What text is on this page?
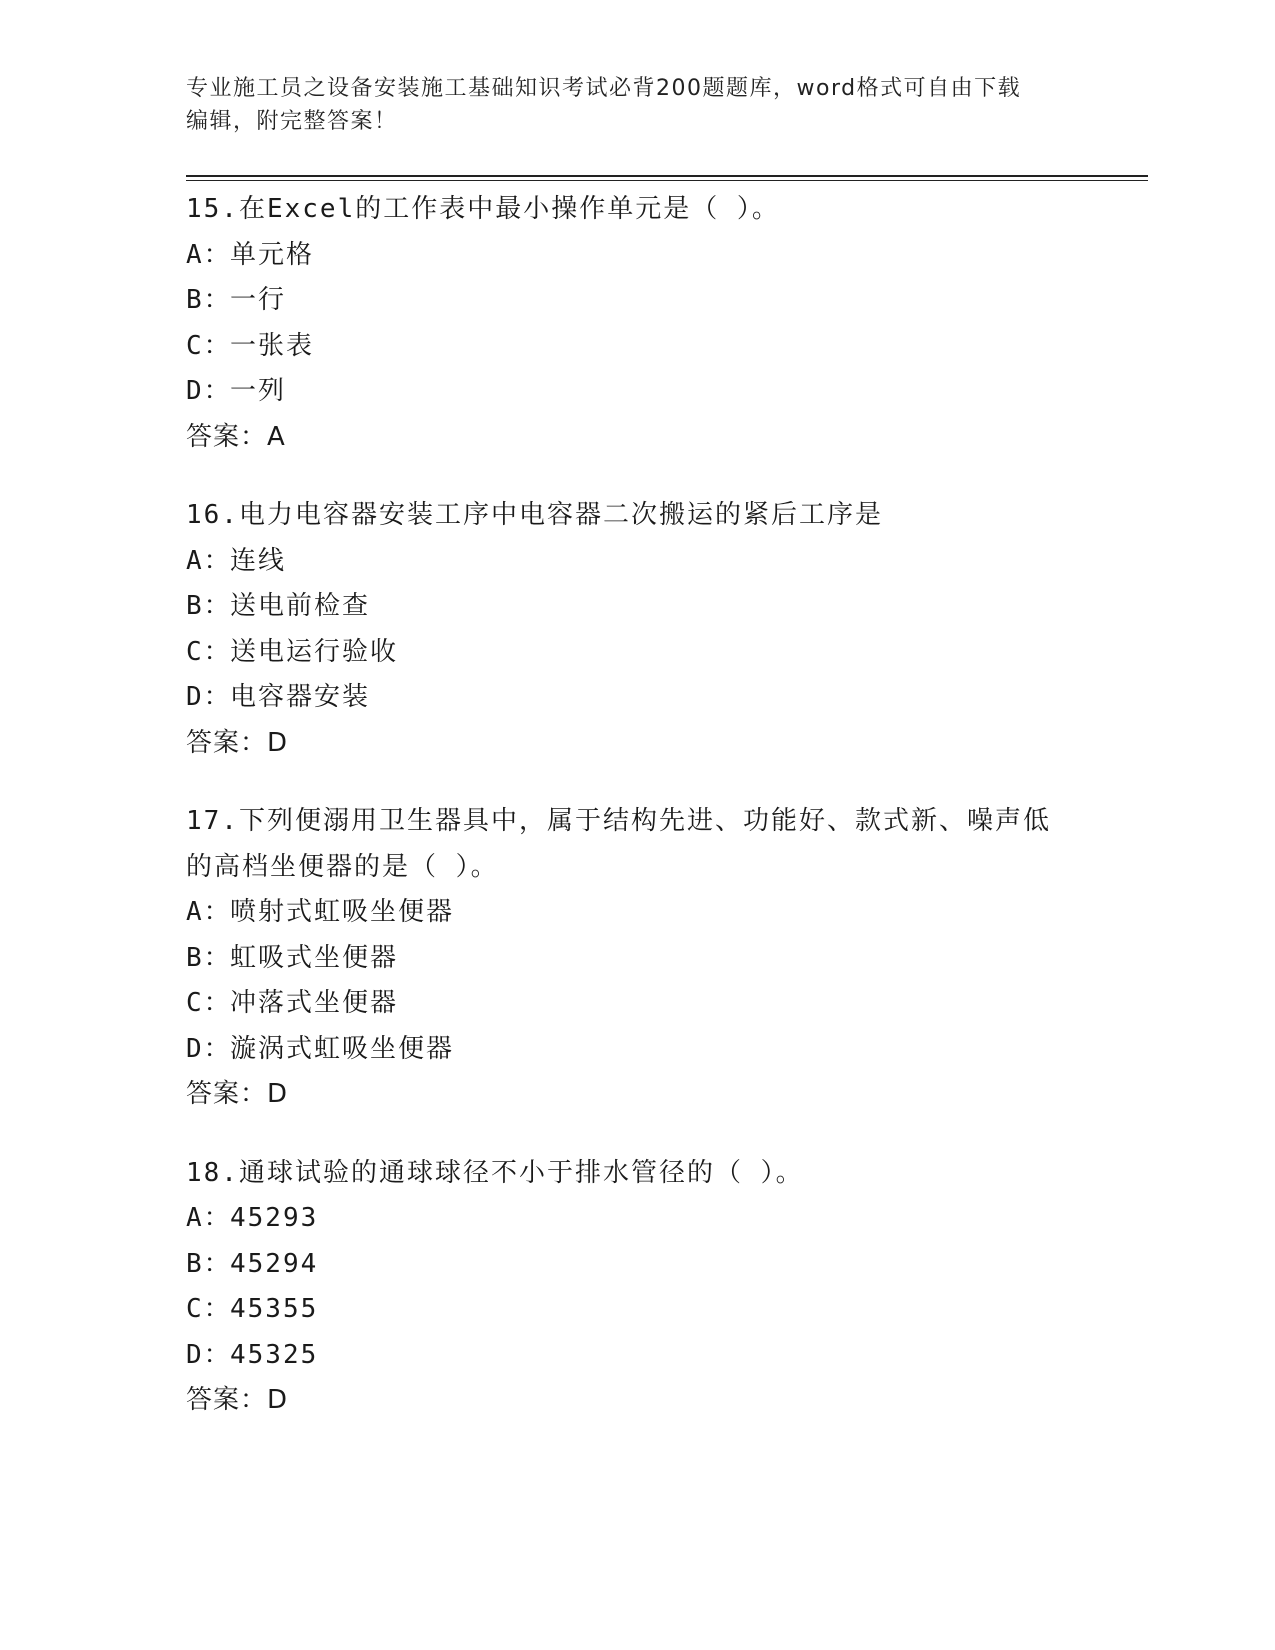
专业施工员之设备安装施工基础知识考试必背200题题库，word格式可自由下载
编辑，附完整答案！
15.在Excel的工作表中最小操作单元是（ ）。
A：单元格
B：一行
C：一张表
D：一列
答案：A
16.电力电容器安装工序中电容器二次搬运的紧后工序是
A：连线
B：送电前检查
C：送电运行验收
D：电容器安装
答案：D
17.下列便溺用卫生器具中，属于结构先进、功能好、款式新、噪声低
的高档坐便器的是（ ）。
A：喷射式虹吸坐便器
B：虹吸式坐便器
C：冲落式坐便器
D：漩涡式虹吸坐便器
答案：D
18.通球试验的通球球径不小于排水管径的（ ）。
A：45293
B：45294
C：45355
D：45325
答案：D
